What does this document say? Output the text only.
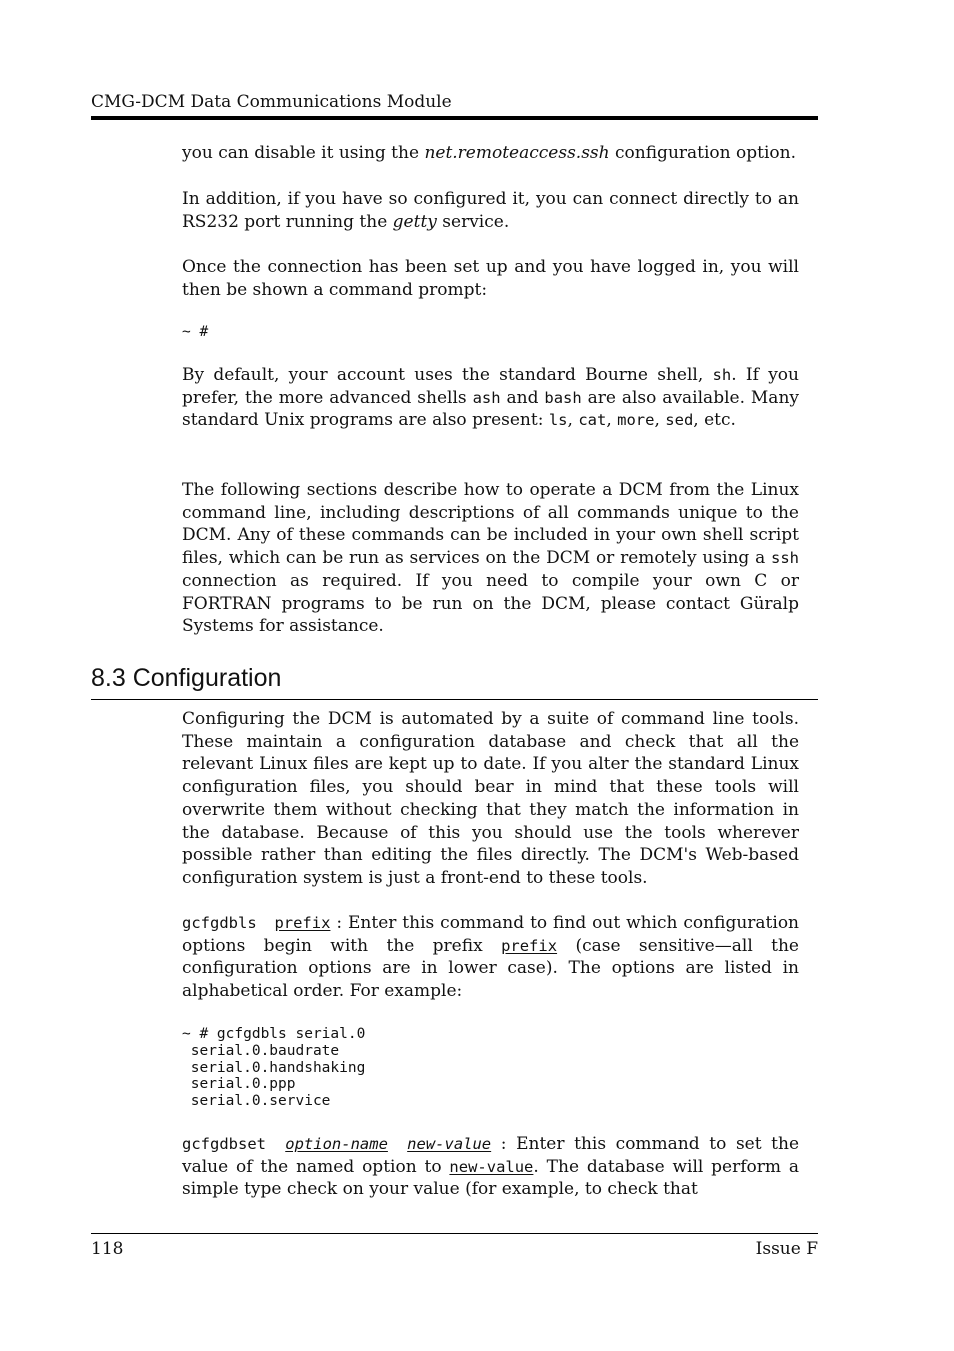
CMG-DCM Data Communications Module

you can disable it using the net.remoteaccess.ssh configuration option.

In addition, if you have so configured it, you can connect directly to an RS232 port running the getty service.

Once the connection has been set up and you have logged in, you will then be shown a command prompt:

~ #

By default, your account uses the standard Bourne shell, sh. If you prefer, the more advanced shells ash and bash are also available. Many standard Unix programs are also present: ls, cat, more, sed, etc.

The following sections describe how to operate a DCM from the Linux command line, including descriptions of all commands unique to the DCM. Any of these commands can be included in your own shell script files, which can be run as services on the DCM or remotely using a ssh connection as required. If you need to compile your own C or FORTRAN programs to be run on the DCM, please contact Güralp Systems for assistance.

8.3 Configuration

Configuring the DCM is automated by a suite of command line tools. These maintain a configuration database and check that all the relevant Linux files are kept up to date. If you alter the standard Linux configuration files, you should bear in mind that these tools will overwrite them without checking that they match the information in the database. Because of this you should use the tools wherever possible rather than editing the files directly. The DCM's Web-based configuration system is just a front-end to these tools.

gcfgdbls prefix : Enter this command to find out which configuration options begin with the prefix prefix (case sensitive—all the configuration options are in lower case). The options are listed in alphabetical order. For example:

~ # gcfgdbls serial.0
serial.0.baudrate
serial.0.handshaking
serial.0.ppp
serial.0.service

gcfgdbset option-name new-value : Enter this command to set the value of the named option to new-value. The database will perform a simple type check on your value (for example, to check that

118	Issue F
